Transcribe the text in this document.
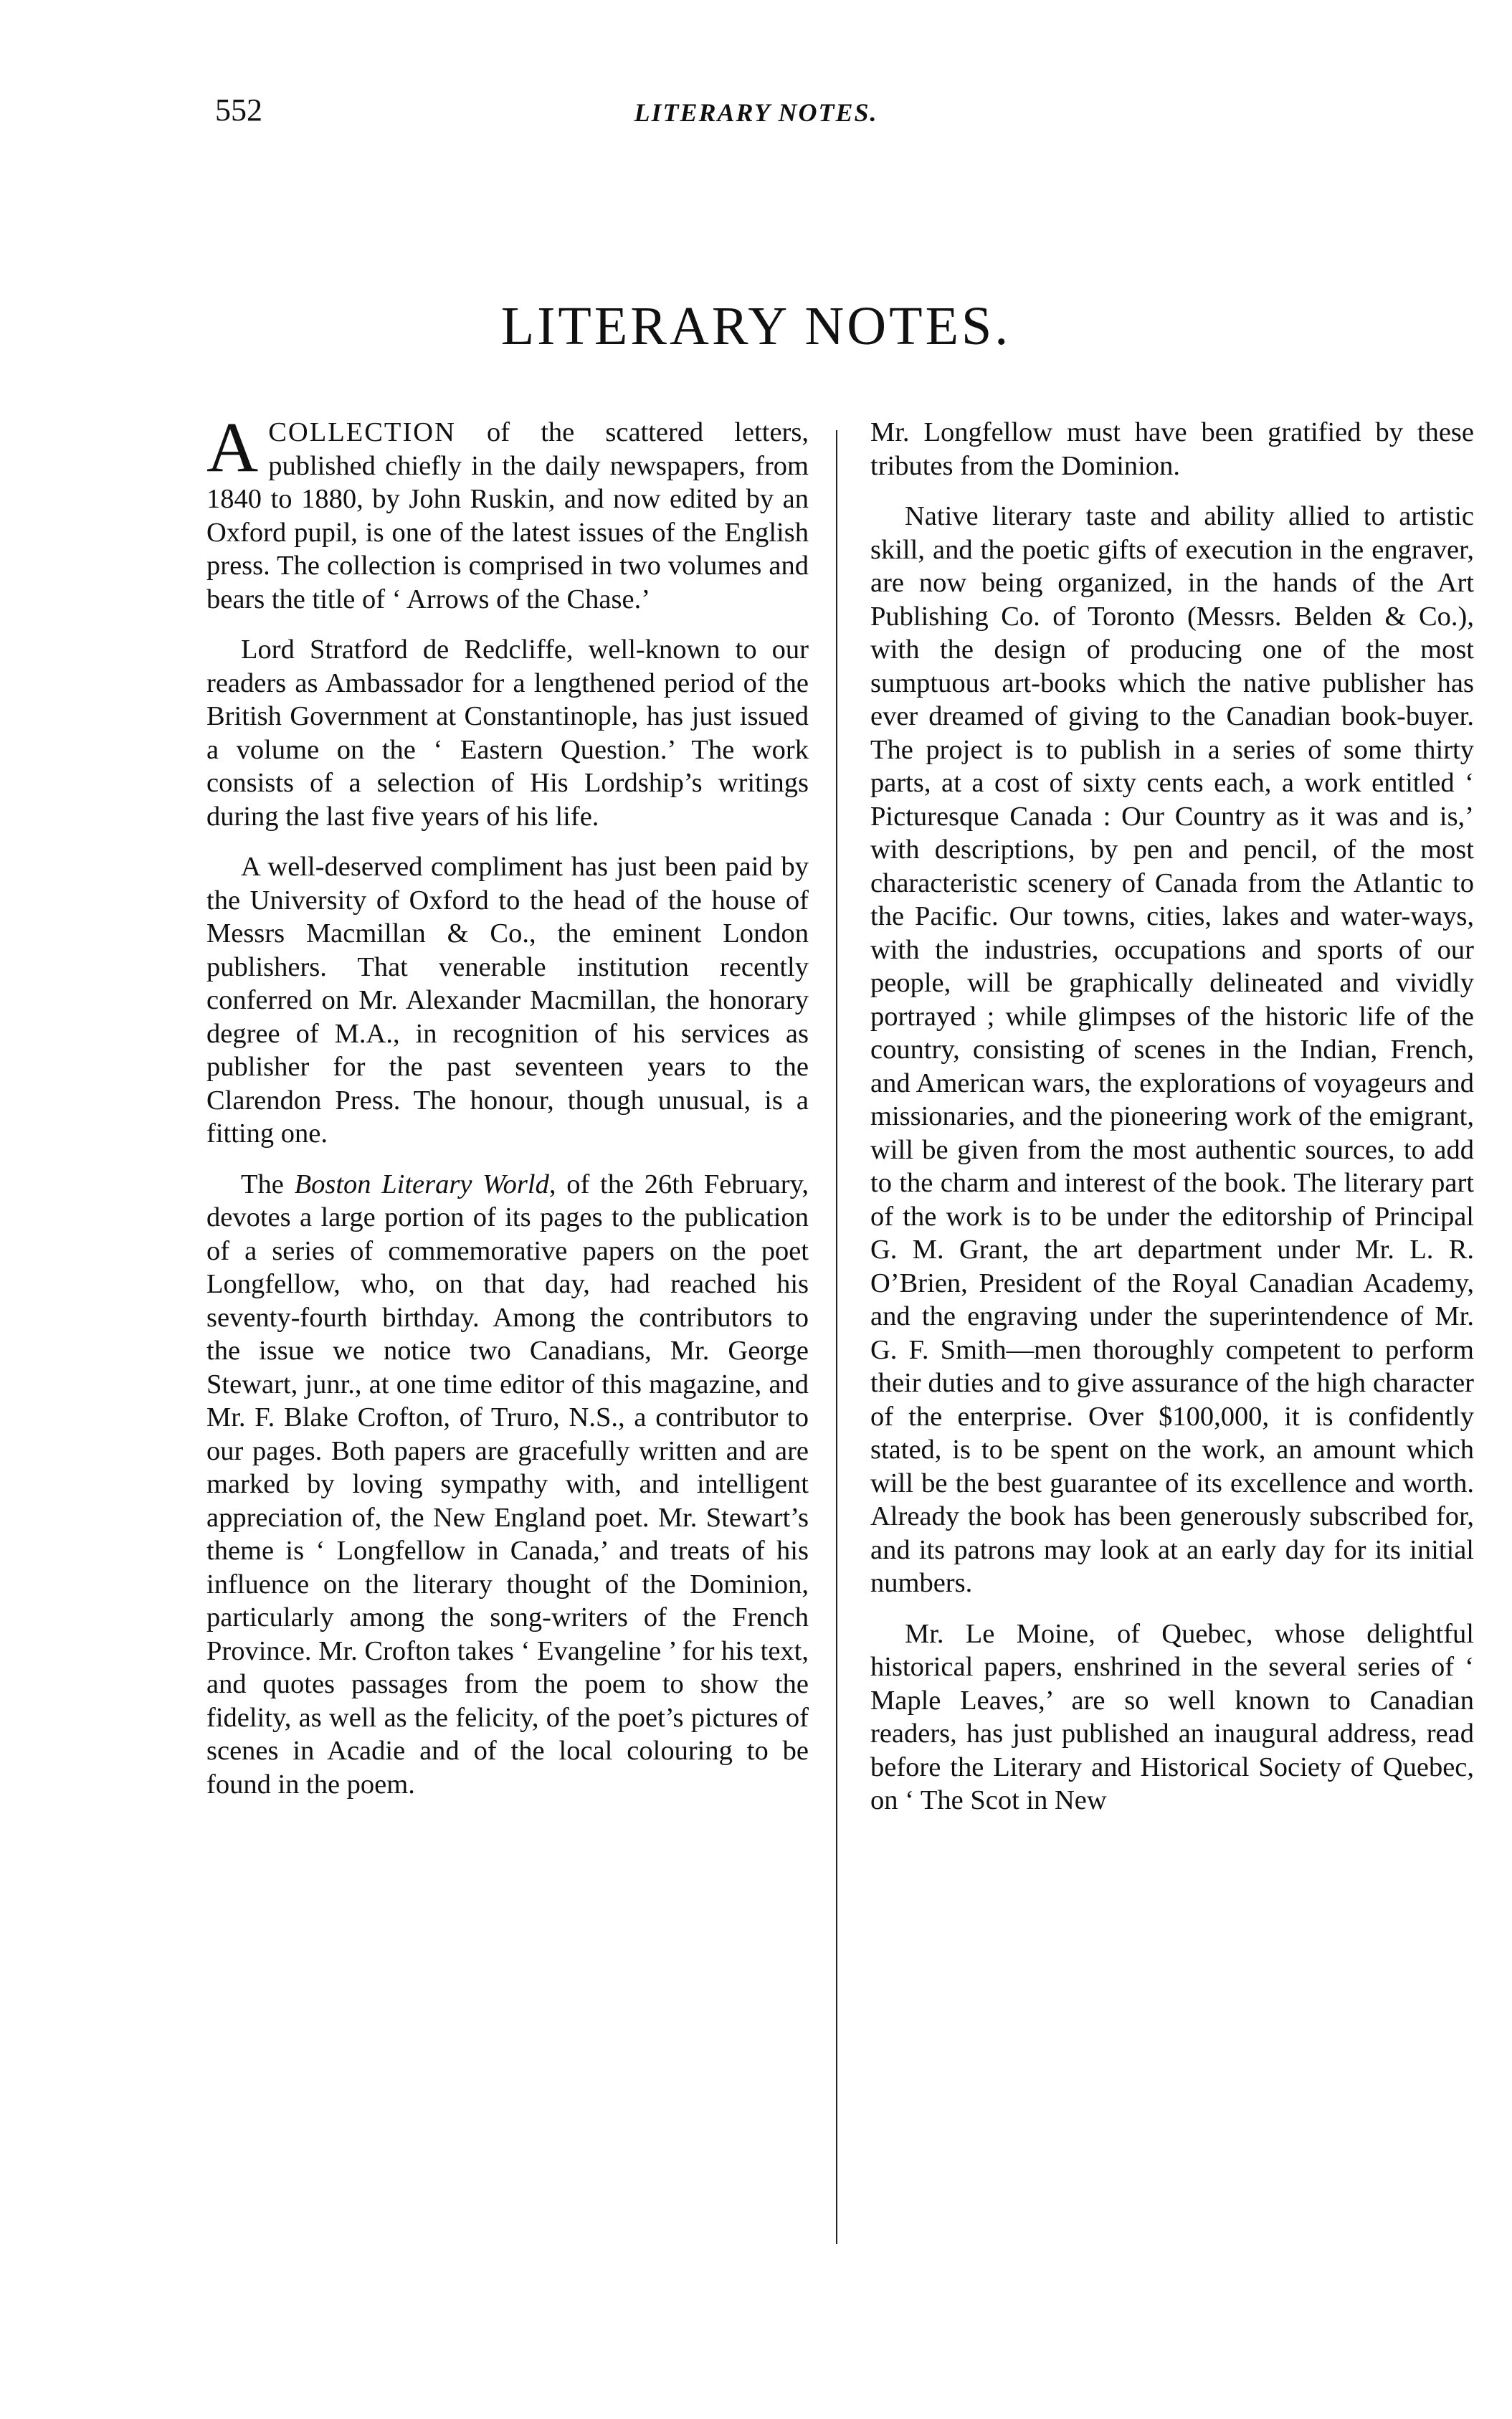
552	LITERARY NOTES.
LITERARY NOTES.

ACOLLECTION of the scattered letters, published chiefly in the daily newspapers, from 1840 to 1880, by John Ruskin, and now edited by an Oxford pupil, is one of the latest issues of the English press. The collection is comprised in two volumes and bears the title of ‘ Arrows of the Chase.’

Lord Stratford de Redcliffe, well-known to our readers as Ambassador for a lengthened period of the British Government at Constantinople, has just issued a volume on the ‘ Eastern Question.’ The work consists of a selection of His Lordship’s writings during the last five years of his life.

A well-deserved compliment has just been paid by the University of Oxford to the head of the house of Messrs Macmillan & Co., the eminent London publishers. That venerable institution recently conferred on Mr. Alexander Macmillan, the honorary degree of M.A., in recognition of his services as publisher for the past seventeen years to the Clarendon Press. The honour, though unusual, is a fitting one.

The Boston Literary World, of the 26th February, devotes a large portion of its pages to the publication of a series of commemorative papers on the poet Longfellow, who, on that day, had reached his seventy-fourth birthday. Among the contributors to the issue we notice two Canadians, Mr. George Stewart, junr., at one time editor of this magazine, and Mr. F. Blake Crofton, of Truro, N.S., a contributor to our pages. Both papers are gracefully written and are marked by loving sympathy with, and intelligent appreciation of, the New England poet. Mr. Stewart’s theme is ‘ Longfellow in Canada,’ and treats of his influence on the literary thought of the Dominion, particularly among the song-writers of the French Province. Mr. Crofton takes ‘ Evangeline ’ for his text, and quotes passages from the poem to show the fidelity, as well as the felicity, of the poet’s pictures of scenes in Acadie and of the local colouring to be found in the poem.

Mr. Longfellow must have been gratified by these tributes from the Dominion.

Native literary taste and ability allied to artistic skill, and the poetic gifts of execution in the engraver, are now being organized, in the hands of the Art Publishing Co. of Toronto (Messrs. Belden & Co.), with the design of producing one of the most sumptuous art-books which the native publisher has ever dreamed of giving to the Canadian book-buyer. The project is to publish in a series of some thirty parts, at a cost of sixty cents each, a work entitled ‘ Picturesque Canada : Our Country as it was and is,’ with descriptions, by pen and pencil, of the most characteristic scenery of Canada from the Atlantic to the Pacific. Our towns, cities, lakes and water-ways, with the industries, occupations and sports of our people, will be graphically delineated and vividly portrayed ; while glimpses of the historic life of the country, consisting of scenes in the Indian, French, and American wars, the explorations of voyageurs and missionaries, and the pioneering work of the emigrant, will be given from the most authentic sources, to add to the charm and interest of the book. The literary part of the work is to be under the editorship of Principal G. M. Grant, the art department under Mr. L. R. O’Brien, President of the Royal Canadian Academy, and the engraving under the superintendence of Mr. G. F. Smith—men thoroughly competent to perform their duties and to give assurance of the high character of the enterprise. Over $100,000, it is confidently stated, is to be spent on the work, an amount which will be the best guarantee of its excellence and worth. Already the book has been generously subscribed for, and its patrons may look at an early day for its initial numbers.

Mr. Le Moine, of Quebec, whose delightful historical papers, enshrined in the several series of ‘ Maple Leaves,’ are so well known to Canadian readers, has just published an inaugural address, read before the Literary and Historical Society of Quebec, on ‘ The Scot in New
